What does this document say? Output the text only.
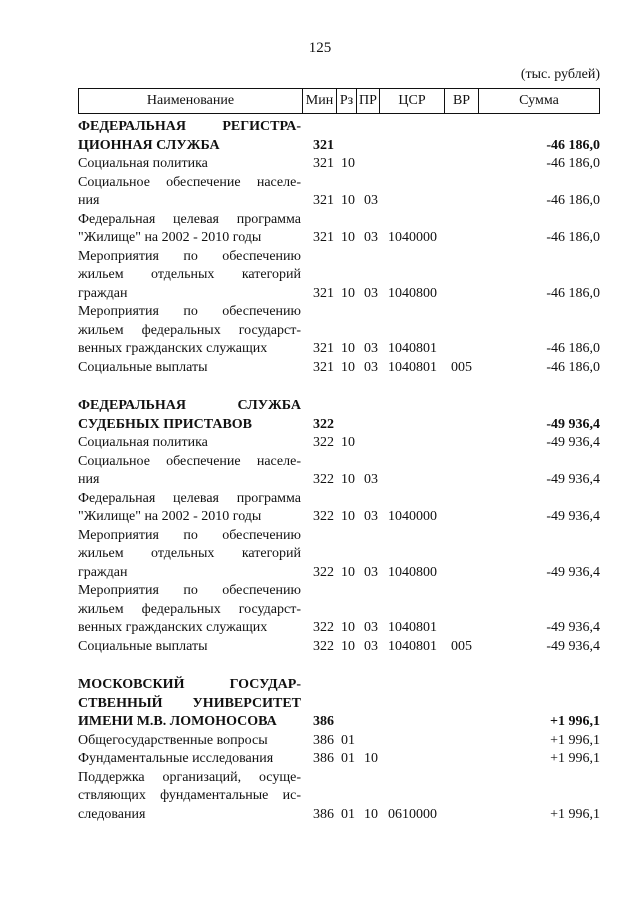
125
(тыс. рублей)
Наименование	Мин Рз ПР	ЦСР	ВР	Сумма
ФЕДЕРАЛЬНАЯ РЕГИСТРА-
ЦИОННАЯ СЛУЖБА	321	-46 186,0
Социальная политика	321 10	-46 186,0
Социальное обеспечение населе-
ния	321 10 03	-46 186,0
Федеральная целевая программа
"Жилище" на 2002 - 2010 годы	321 10 03 1040000	-46 186,0
Мероприятия по обеспечению
жильем отдельных категорий
граждан	321 10 03 1040800	-46 186,0
Мероприятия по обеспечению
жильем федеральных государст-
венных гражданских служащих	321 10 03 1040801	-46 186,0
Социальные выплаты	321 10 03 1040801 005	-46 186,0
ФЕДЕРАЛЬНАЯ СЛУЖБА
СУДЕБНЫХ ПРИСТАВОВ	322	-49 936,4
Социальная политика	322 10	-49 936,4
Социальное обеспечение населе-
ния	322 10 03	-49 936,4
Федеральная целевая программа
"Жилище" на 2002 - 2010 годы	322 10 03 1040000	-49 936,4
Мероприятия по обеспечению
жильем отдельных категорий
граждан	322 10 03 1040800	-49 936,4
Мероприятия по обеспечению
жильем федеральных государст-
венных гражданских служащих	322 10 03 1040801	-49 936,4
Социальные выплаты	322 10 03 1040801 005	-49 936,4
МОСКОВСКИЙ ГОСУДАР-
СТВЕННЫЙ УНИВЕРСИТЕТ
ИМЕНИ М.В. ЛОМОНОСОВА	386	+1 996,1
Общегосударственные вопросы	386 01	+1 996,1
Фундаментальные исследования	386 01 10	+1 996,1
Поддержка организаций, осуще-
ствляющих фундаментальные ис-
следования	386 01 10 0610000	+1 996,1
